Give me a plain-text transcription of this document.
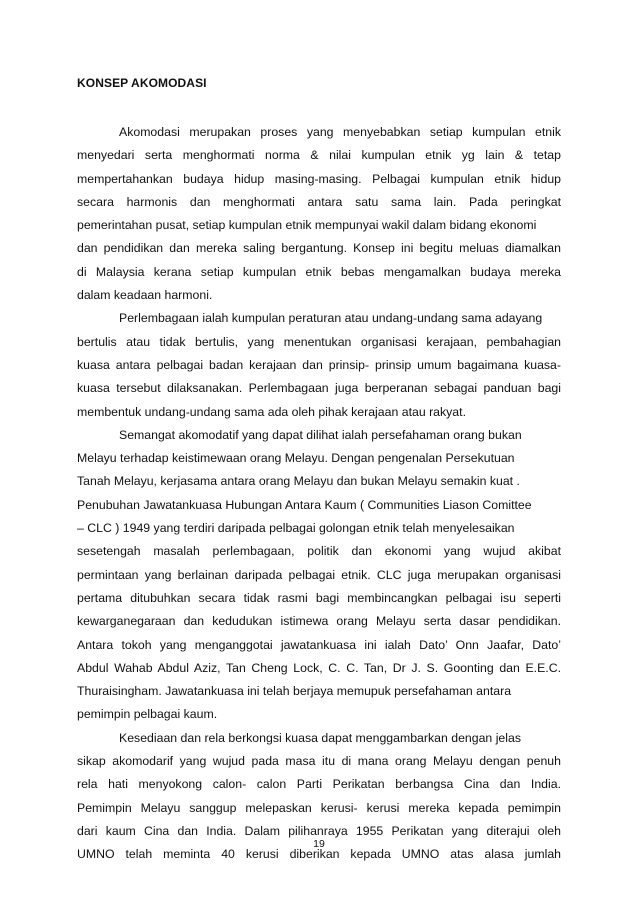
KONSEP AKOMODASI
Akomodasi merupakan proses yang menyebabkan setiap kumpulan etnik
menyedari serta menghormati norma & nilai kumpulan etnik yg lain & tetap
mempertahankan budaya hidup masing-masing. Pelbagai kumpulan etnik hidup
secara harmonis dan menghormati antara satu sama lain. Pada peringkat
pemerintahan pusat, setiap kumpulan etnik mempunyai wakil dalam bidang ekonomi
dan pendidikan dan mereka saling bergantung. Konsep ini begitu meluas diamalkan
di Malaysia kerana setiap kumpulan etnik bebas mengamalkan budaya mereka
dalam keadaan harmoni.
Perlembagaan ialah kumpulan peraturan atau undang-undang sama adayang
bertulis atau tidak bertulis, yang menentukan organisasi kerajaan, pembahagian
kuasa antara pelbagai badan kerajaan dan prinsip- prinsip umum bagaimana kuasa-
kuasa tersebut dilaksanakan. Perlembagaan juga berperanan sebagai panduan bagi
membentuk undang-undang sama ada oleh pihak kerajaan atau rakyat.
Semangat akomodatif yang dapat dilihat ialah persefahaman orang bukan
Melayu terhadap keistimewaan orang Melayu. Dengan pengenalan Persekutuan
Tanah Melayu, kerjasama antara orang Melayu dan bukan Melayu semakin kuat .
Penubuhan Jawatankuasa Hubungan Antara Kaum ( Communities Liason Comittee
– CLC ) 1949 yang terdiri daripada pelbagai golongan etnik telah menyelesaikan
sesetengah masalah perlembagaan, politik dan ekonomi yang wujud akibat
permintaan yang berlainan daripada pelbagai etnik. CLC juga merupakan organisasi
pertama ditubuhkan secara tidak rasmi bagi membincangkan pelbagai isu seperti
kewarganegaraan dan kedudukan istimewa orang Melayu serta dasar pendidikan.
Antara tokoh yang menganggotai jawatankuasa ini ialah Dato’ Onn Jaafar, Dato’
Abdul Wahab Abdul Aziz, Tan Cheng Lock, C. C. Tan, Dr J. S. Goonting dan E.E.C.
Thuraisingham. Jawatankuasa ini telah berjaya memupuk persefahaman antara
pemimpin pelbagai kaum.
Kesediaan dan rela berkongsi kuasa dapat menggambarkan dengan jelas
sikap akomodarif yang wujud pada masa itu di mana orang Melayu dengan penuh
rela hati menyokong calon- calon Parti Perikatan berbangsa Cina dan India.
Pemimpin Melayu sanggup melepaskan kerusi- kerusi mereka kepada pemimpin
dari kaum Cina dan India. Dalam pilihanraya 1955 Perikatan yang diterajui oleh
UMNO telah meminta 40 kerusi diberikan kepada UMNO atas alasa jumlah
19
